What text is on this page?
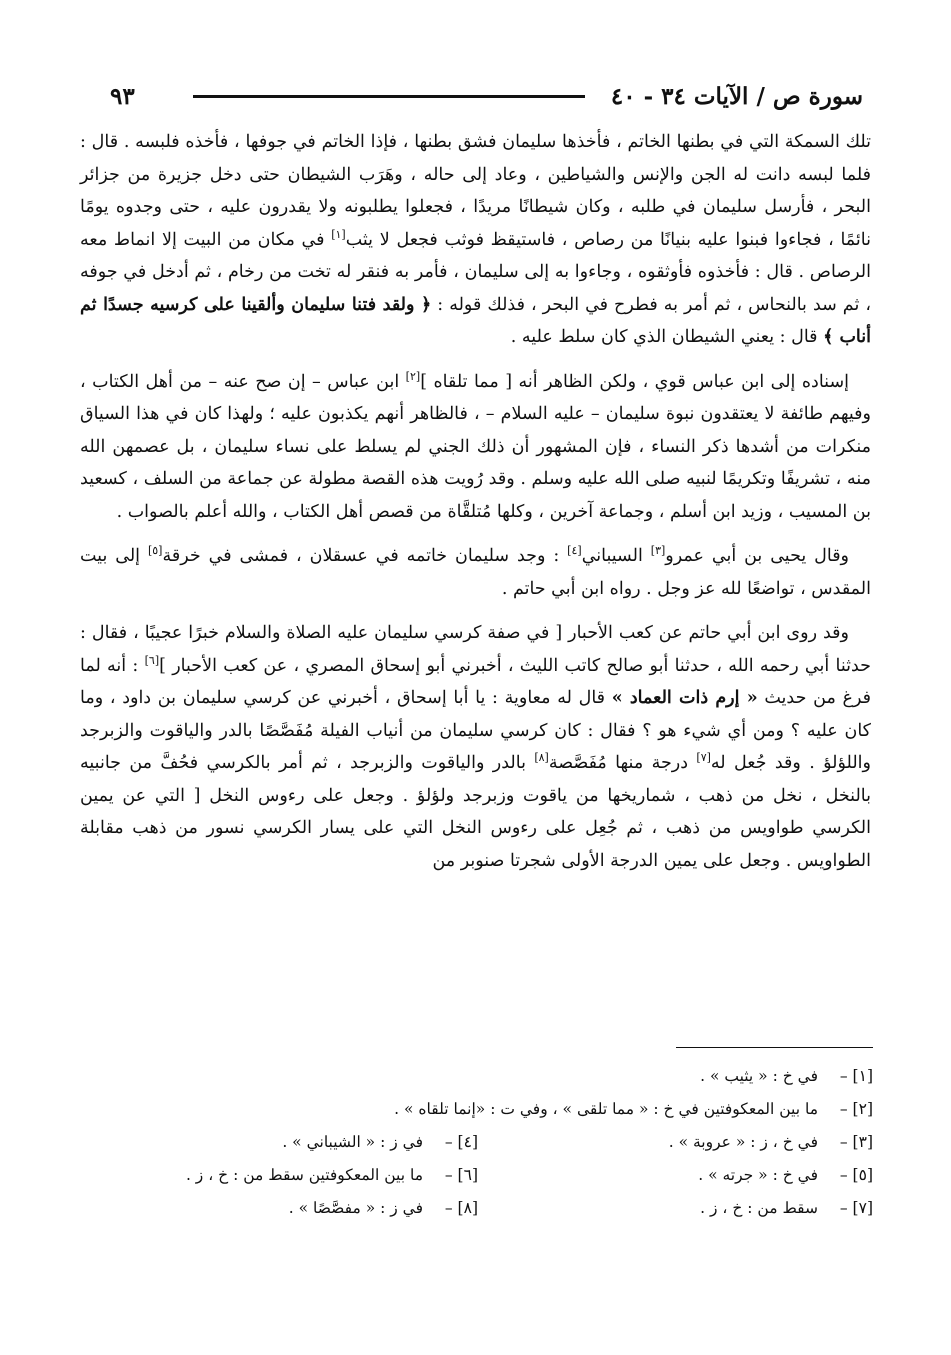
سورة ص / الآيات ٣٤ - ٤٠
٩٣

تلك السمكة التي في بطنها الخاتم ، فأخذها سليمان فشق بطنها ، فإذا الخاتم في جوفها ، فأخذه فلبسه . قال : فلما لبسه دانت له الجن والإنس والشياطين ، وعاد إلى حاله ، وهَرَب الشيطان حتى دخل جزيرة من جزائر البحر ، فأرسل سليمان في طلبه ، وكان شيطانًا مريدًا ، فجعلوا يطلبونه ولا يقدرون عليه ، حتى وجدوه يومًا نائمًا ، فجاءوا فبنوا عليه بنيانًا من رصاص ، فاستيقظ فوثب فجعل لا يثب[١] في مكان من البيت إلا انماط معه الرصاص . قال : فأخذوه فأوثقوه ، وجاءوا به إلى سليمان ، فأمر به فنقر له تخت من رخام ، ثم أدخل في جوفه ، ثم سد بالنحاس ، ثم أمر به فطرح في البحر ، فذلك قوله : ﴿ ولقد فتنا سليمان وألقينا على كرسيه جسدًا ثم أناب ﴾ قال : يعني الشيطان الذي كان سلط عليه .

إسناده إلى ابن عباس قوي ، ولكن الظاهر أنه [ مما تلقاه ][٢] ابن عباس – إن صح عنه – من أهل الكتاب ، وفيهم طائفة لا يعتقدون نبوة سليمان – عليه السلام – ، فالظاهر أنهم يكذبون عليه ؛ ولهذا كان في هذا السياق منكرات من أشدها ذكر النساء ، فإن المشهور أن ذلك الجني لم يسلط على نساء سليمان ، بل عصمهن الله منه ، تشريفًا وتكريمًا لنبيه صلى الله عليه وسلم . وقد رُويت هذه القصة مطولة عن جماعة من السلف ، كسعيد بن المسيب ، وزيد ابن أسلم ، وجماعة آخرين ، وكلها مُتلقَّاة من قصص أهل الكتاب ، والله أعلم بالصواب .

وقال يحيى بن أبي عمرو[٣] السيباني[٤] : وجد سليمان خاتمه في عسقلان ، فمشى في خرقة[٥] إلى بيت المقدس ، تواضعًا لله عز وجل . رواه ابن أبي حاتم .

وقد روى ابن أبي حاتم عن كعب الأحبار [ في صفة كرسي سليمان عليه الصلاة والسلام خبرًا عجيبًا ، فقال : حدثنا أبي رحمه الله ، حدثنا أبو صالح كاتب الليث ، أخبرني أبو إسحاق المصري ، عن كعب الأحبار ][٦] : أنه لما فرغ من حديث « إرم ذات العماد » قال له معاوية : يا أبا إسحاق ، أخبرني عن كرسي سليمان بن داود ، وما كان عليه ؟ ومن أي شيء هو ؟ فقال : كان كرسي سليمان من أنياب الفيلة مُفَصَّصًا بالدر والياقوت والزبرجد واللؤلؤ . وقد جُعل له[٧] درجة منها مُفَصَّصة[٨] بالدر والياقوت والزبرجد ، ثم أمر بالكرسي فحُفَّ من جانبيه بالنخل ، نخل من ذهب ، شماريخها من ياقوت وزبرجد ولؤلؤ . وجعل على رءوس النخل [ التي عن يمين الكرسي طواويس من ذهب ، ثم جُعِل على رءوس النخل التي على يسار الكرسي نسور من ذهب مقابلة الطواويس . وجعل على يمين الدرجة الأولى شجرتا صنوبر من

[١] –
في خ : « يثيب » .
[٢] –
ما بين المعكوفتين في خ : « مما تلقى » ، وفي ت : «إنما تلقاه » .
[٣] –
في خ ، ز : « عروبة » .
[٤] –
في ز : « الشيباني » .
[٥] –
في خ : « جرته » .
[٦] –
ما بين المعكوفتين سقط من : خ ، ز .
[٧] –
سقط من : خ ، ز .
[٨] –
في ز : « مفصَّصًا » .
